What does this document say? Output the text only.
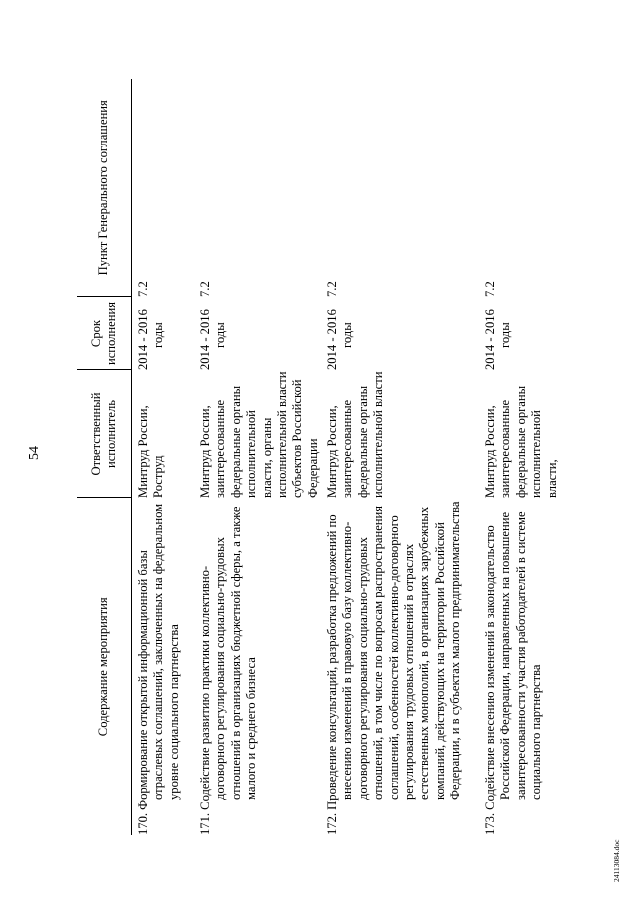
54
Содержание мероприятия	Ответственный исполнитель	Срок исполнения	Пункт Генерального соглашения

170. Формирование открытой информационной базы отраслевых соглашений, заключенных на федеральном уровне социального партнерства	Минтруд России, Роструд	2014 - 2016 годы	7.2

171. Содействие развитию практики коллективно-договорного регулирования социально-трудовых отношений в организациях бюджетной сферы, а также малого и среднего бизнеса	Минтруд России, заинтересованные федеральные органы исполнительной власти, органы исполнительной власти субъектов Российской Федерации	2014 - 2016 годы	7.2

172. Проведение консультаций, разработка предложений по внесению изменений в правовую базу коллективно-договорного регулирования социально-трудовых отношений, в том числе по вопросам распространения соглашений, особенностей коллективно-договорного регулирования трудовых отношений в отраслях естественных монополий, в организациях зарубежных компаний, действующих на территории Российской Федерации, и в субъектах малого предпринимательства	Минтруд России, заинтересованные федеральные органы исполнительной власти	2014 - 2016 годы	7.2

173. Содействие внесению изменений в законодательство Российской Федерации, направленных на повышение заинтересованности участия работодателей в системе социального партнерства	Минтруд России, заинтересованные федеральные органы исполнительной власти,	2014 - 2016 годы	7.2
24113084.doc
